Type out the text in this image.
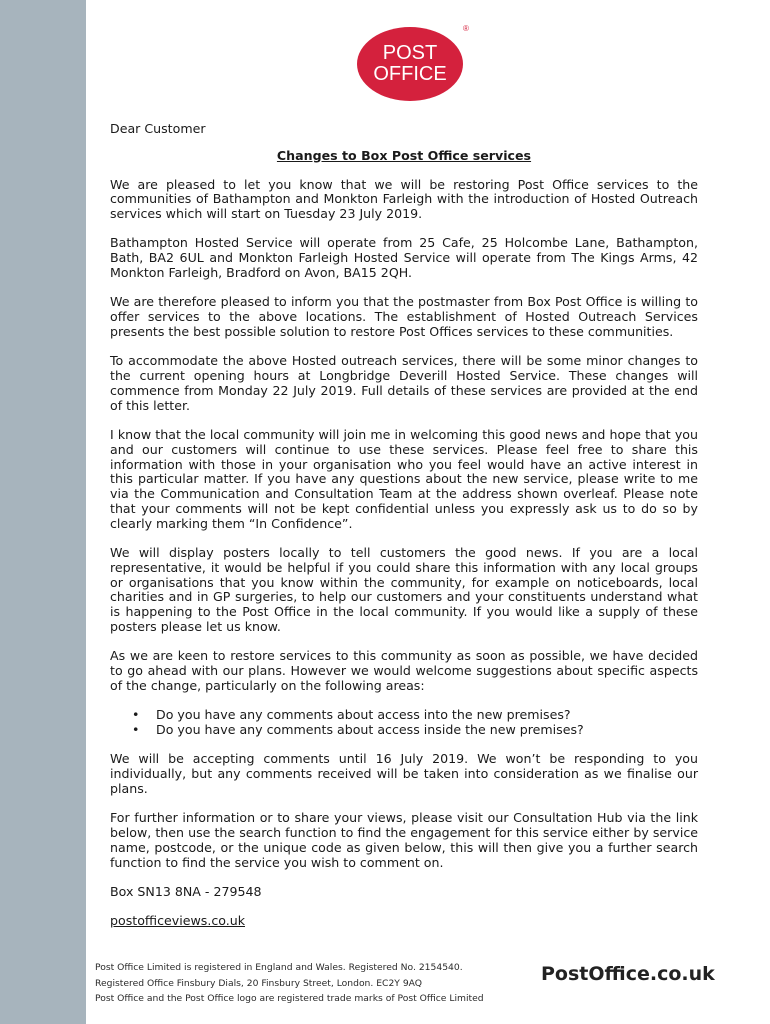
POST
OFFICE
®

Dear Customer

Changes to Box Post Office services

We are pleased to let you know that we will be restoring Post Office services to the communities of Bathampton and Monkton Farleigh with the introduction of Hosted Outreach services which will start on Tuesday 23 July 2019.

Bathampton Hosted Service will operate from 25 Cafe, 25 Holcombe Lane, Bathampton, Bath, BA2 6UL and Monkton Farleigh Hosted Service will operate from The Kings Arms, 42 Monkton Farleigh, Bradford on Avon, BA15 2QH.

We are therefore pleased to inform you that the postmaster from Box Post Office is willing to offer services to the above locations. The establishment of Hosted Outreach Services presents the best possible solution to restore Post Offices services to these communities.

To accommodate the above Hosted outreach services, there will be some minor changes to the current opening hours at Longbridge Deverill Hosted Service. These changes will commence from Monday 22 July 2019. Full details of these services are provided at the end of this letter.

I know that the local community will join me in welcoming this good news and hope that you and our customers will continue to use these services. Please feel free to share this information with those in your organisation who you feel would have an active interest in this particular matter. If you have any questions about the new service, please write to me via the Communication and Consultation Team at the address shown overleaf. Please note that your comments will not be kept confidential unless you expressly ask us to do so by clearly marking them “In Confidence”.

We will display posters locally to tell customers the good news. If you are a local representative, it would be helpful if you could share this information with any local groups or organisations that you know within the community, for example on noticeboards, local charities and in GP surgeries, to help our customers and your constituents understand what is happening to the Post Office in the local community. If you would like a supply of these posters please let us know.

As we are keen to restore services to this community as soon as possible, we have decided to go ahead with our plans. However we would welcome suggestions about specific aspects of the change, particularly on the following areas:

• Do you have any comments about access into the new premises?
• Do you have any comments about access inside the new premises?

We will be accepting comments until 16 July 2019. We won’t be responding to you individually, but any comments received will be taken into consideration as we finalise our plans.

For further information or to share your views, please visit our Consultation Hub via the link below, then use the search function to find the engagement for this service either by service name, postcode, or the unique code as given below, this will then give you a further search function to find the service you wish to comment on.

Box SN13 8NA - 279548

postofficeviews.co.uk

Post Office Limited is registered in England and Wales. Registered No. 2154540.
Registered Office Finsbury Dials, 20 Finsbury Street, London. EC2Y 9AQ
Post Office and the Post Office logo are registered trade marks of Post Office Limited
PostOffice.co.uk
